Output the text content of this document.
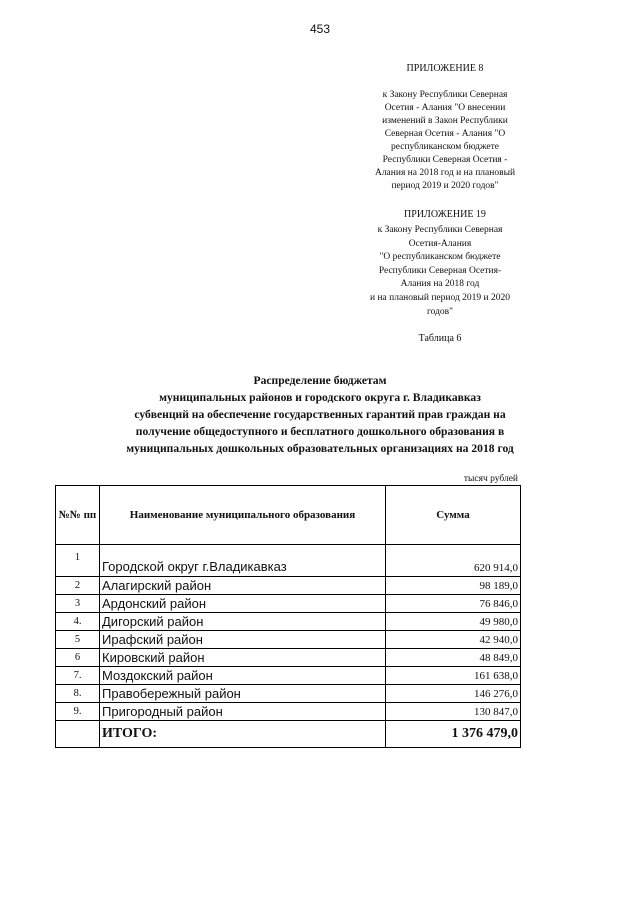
453
ПРИЛОЖЕНИЕ 8
к Закону Республики Северная
Осетия - Алания "О внесении
изменений в Закон Республики
Северная Осетия - Алания "О
республиканском бюджете
Республики Северная Осетия -
Алания на 2018 год и на плановый
период 2019 и 2020 годов"
ПРИЛОЖЕНИЕ 19
к Закону Республики Северная
Осетия-Алания
"О республиканском бюджете
Республики Северная Осетия-
Алания на 2018 год
и на плановый период 2019 и 2020
годов"
Таблица 6
Распределение бюджетам
муниципальных районов и городского округа г. Владикавказ
субвенций на обеспечение государственных гарантий прав граждан на
получение общедоступного и бесплатного дошкольного образования в
муниципальных дошкольных образовательных организациях на 2018 год
тысяч рублей
№№ пп	Наименование муниципального образования	Сумма
1	Городской округ г.Владикавказ	620 914,0
2	Алагирский район	98 189,0
3	Ардонский район	76 846,0
4.	Дигорский район	49 980,0
5	Ирафский район	42 940,0
6	Кировский район	48 849,0
7.	Моздокский район	161 638,0
8.	Правобережный район	146 276,0
9.	Пригородный район	130 847,0
	ИТОГО:	1 376 479,0
